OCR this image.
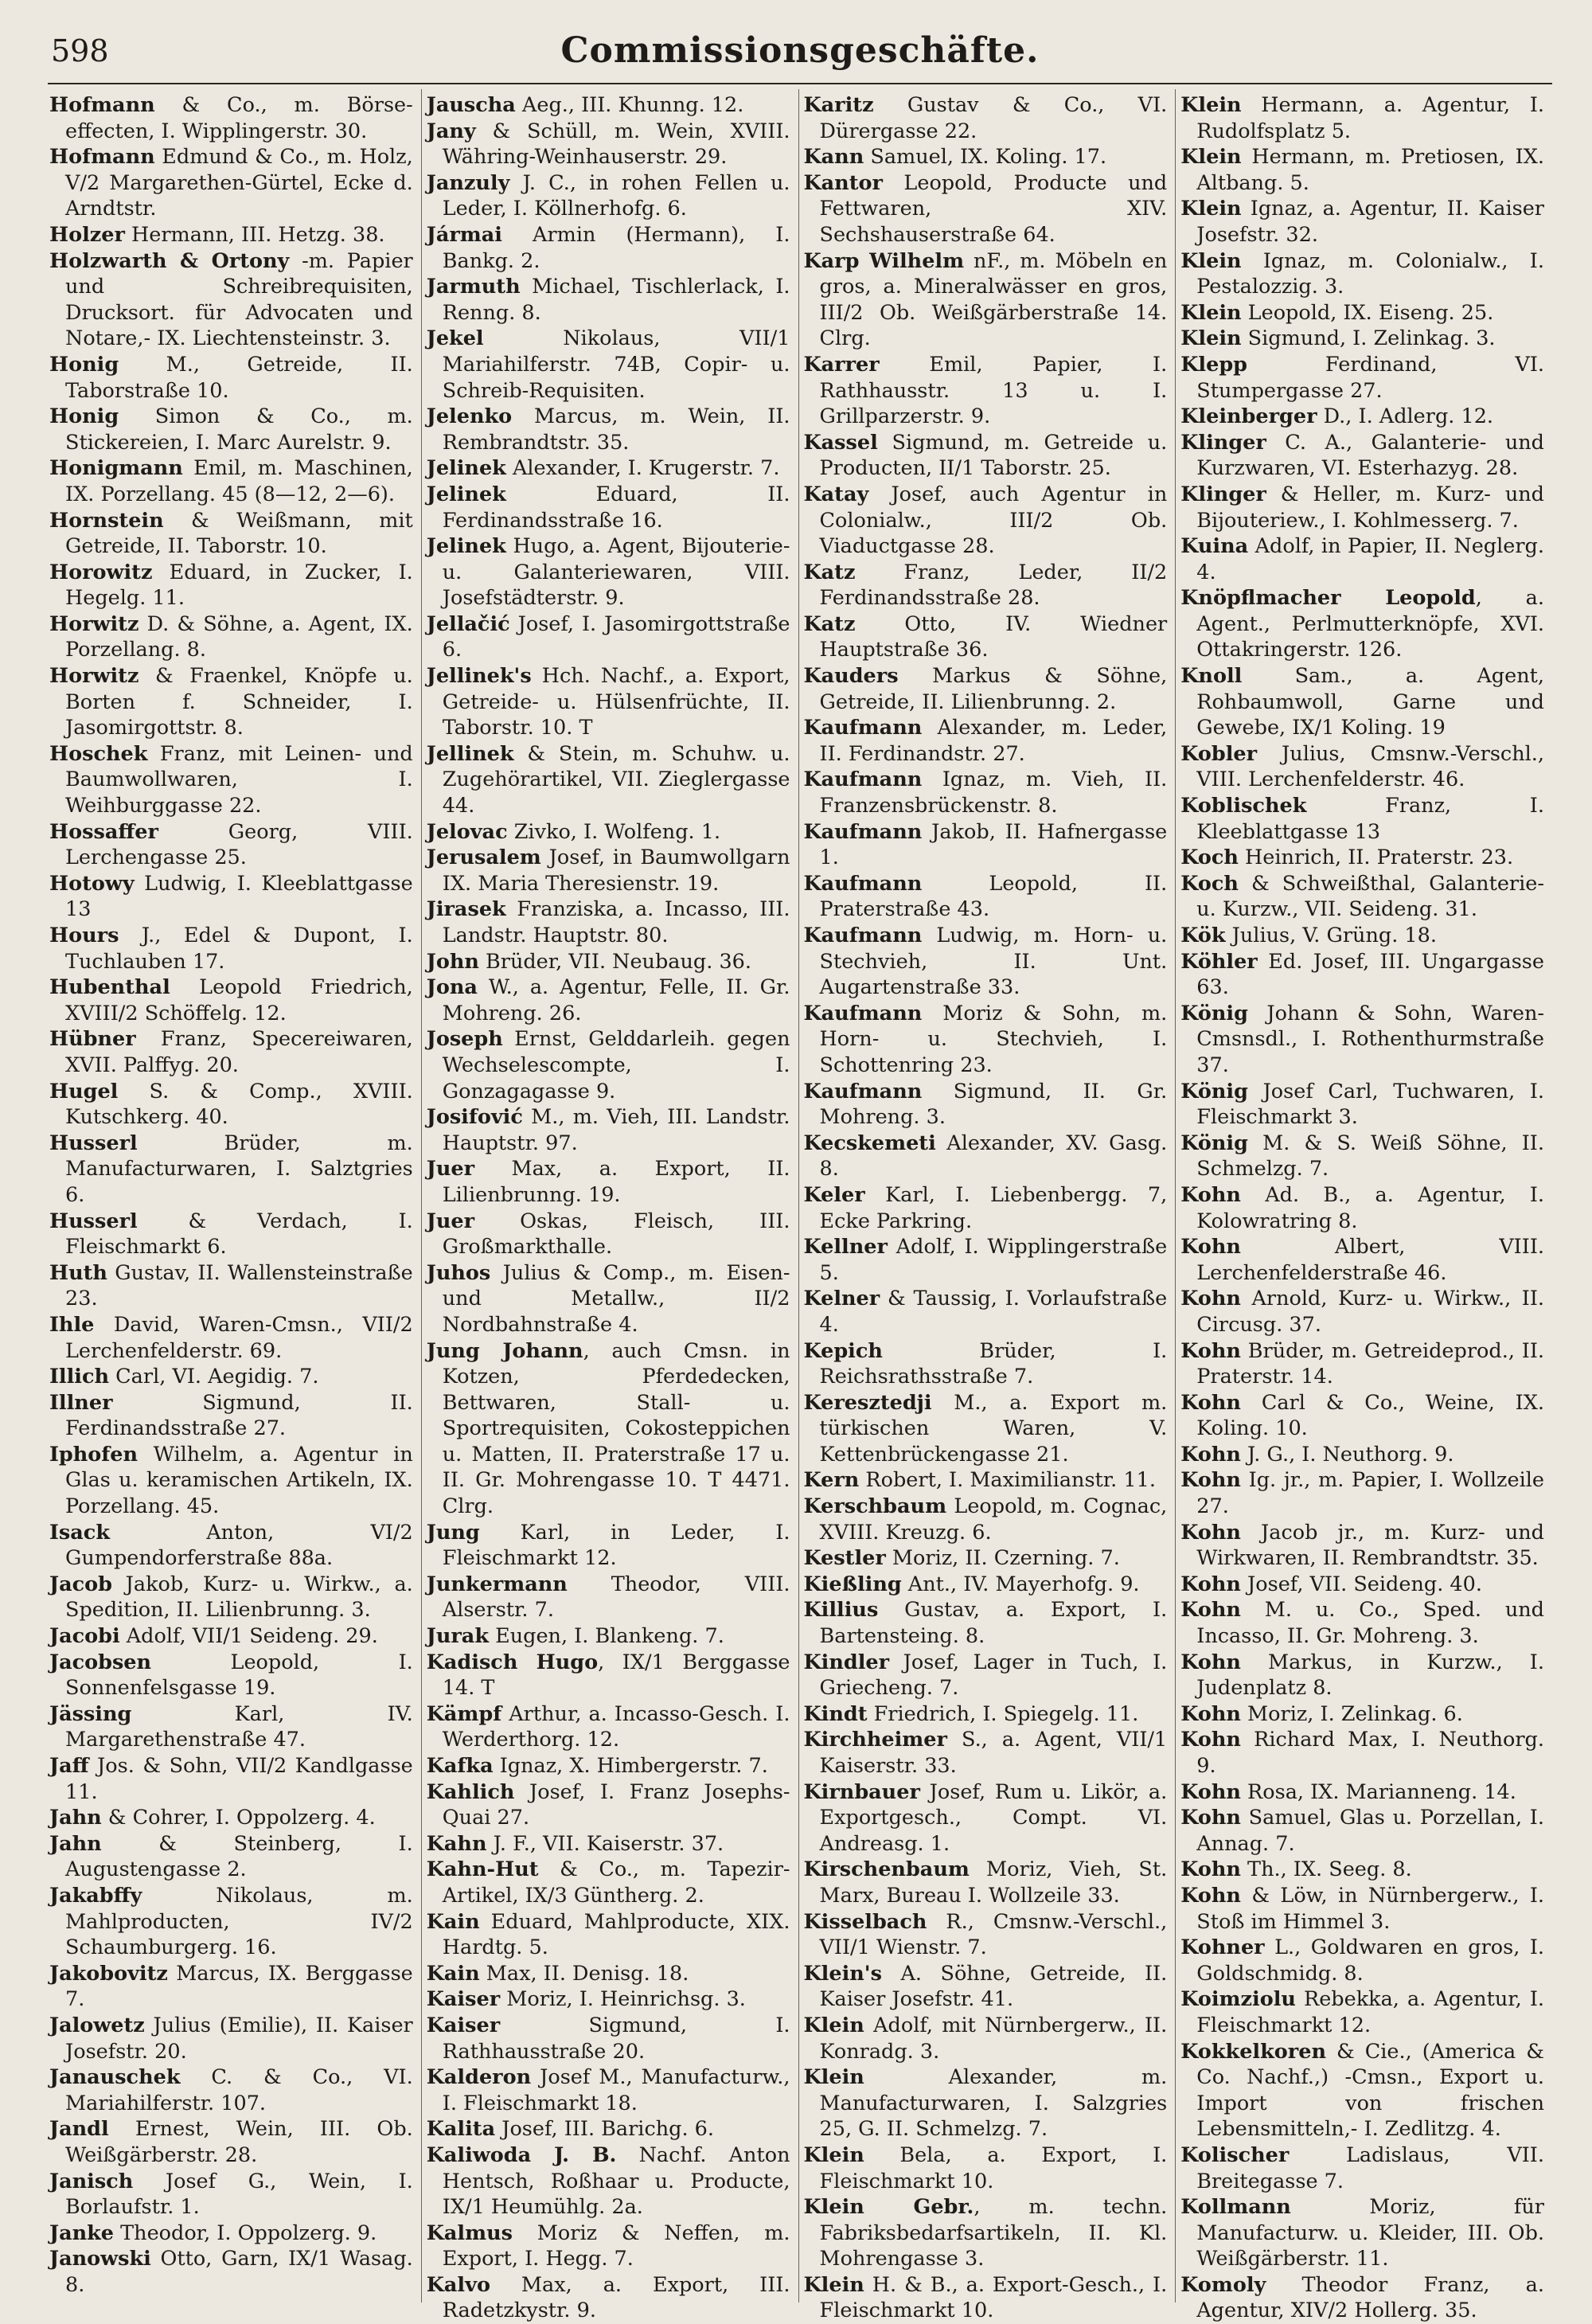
598	Commissionsgeschäfte.
Hofmann & Co., m. Börse-effecten, I. Wipplingerstr. 30.
Hofmann Edmund & Co., m. Holz, V/2 Margarethen-Gürtel, Ecke d. Arndtstr.
Holzer Hermann, III. Hetzg. 38.
Holzwarth & Ortony -m. Papier und Schreibrequisiten, Drucksort. für Advocaten und Notare,- IX. Liechtensteinstr. 3.
Honig M., Getreide, II. Taborstraße 10.
Honig Simon & Co., m. Stickereien, I. Marc Aurelstr. 9.
Honigmann Emil, m. Maschinen, IX. Porzellang. 45 (8—12, 2—6).
Hornstein & Weißmann, mit Getreide, II. Taborstr. 10.
Horowitz Eduard, in Zucker, I. Hegelg. 11.
Horwitz D. & Söhne, a. Agent, IX. Porzellang. 8.
Horwitz & Fraenkel, Knöpfe u. Borten f. Schneider, I. Jasomirgottstr. 8.
Hoschek Franz, mit Leinen- und Baumwollwaren, I. Weihburggasse 22.
Hossaffer Georg, VIII. Lerchengasse 25.
Hotowy Ludwig, I. Kleeblattgasse 13
Hours J., Edel & Dupont, I. Tuchlauben 17.
Hubenthal Leopold Friedrich, XVIII/2 Schöffelg. 12.
Hübner Franz, Specereiwaren, XVII. Palffyg. 20.
Hugel S. & Comp., XVIII. Kutschkerg. 40.
Husserl Brüder, m. Manufacturwaren, I. Salztgries 6.
Husserl & Verdach, I. Fleischmarkt 6.
Huth Gustav, II. Wallensteinstraße 23.
Ihle David, Waren-Cmsn., VII/2 Lerchenfelderstr. 69.
Illich Carl, VI. Aegidig. 7.
Illner Sigmund, II. Ferdinandsstraße 27.
Iphofen Wilhelm, a. Agentur in Glas u. keramischen Artikeln, IX. Porzellang. 45.
Isack Anton, VI/2 Gumpendorferstraße 88a.
Jacob Jakob, Kurz- u. Wirkw., a. Spedition, II. Lilienbrunng. 3.
Jacobi Adolf, VII/1 Seideng. 29.
Jacobsen Leopold, I. Sonnenfelsgasse 19.
Jässing Karl, IV. Margarethenstraße 47.
Jaff Jos. & Sohn, VII/2 Kandlgasse 11.
Jahn & Cohrer, I. Oppolzerg. 4.
Jahn & Steinberg, I. Augustengasse 2.
Jakabffy Nikolaus, m. Mahlproducten, IV/2 Schaumburgerg. 16.
Jakobovitz Marcus, IX. Berggasse 7.
Jalowetz Julius (Emilie), II. Kaiser Josefstr. 20.
Janauschek C. & Co., VI. Mariahilferstr. 107.
Jandl Ernest, Wein, III. Ob. Weißgärberstr. 28.
Janisch Josef G., Wein, I. Borlaufstr. 1.
Janke Theodor, I. Oppolzerg. 9.
Janowski Otto, Garn, IX/1 Wasag. 8.
Jauscha Aeg., III. Khunng. 12.
Jany & Schüll, m. Wein, XVIII. Währing-Weinhauserstr. 29.
Janzuly J. C., in rohen Fellen u. Leder, I. Köllnerhofg. 6.
Jármai Armin (Hermann), I. Bankg. 2.
Jarmuth Michael, Tischlerlack, I. Renng. 8.
Jekel Nikolaus, VII/1 Mariahilferstr. 74B, Copir- u. Schreib-Requisiten.
Jelenko Marcus, m. Wein, II. Rembrandtstr. 35.
Jelinek Alexander, I. Krugerstr. 7.
Jelinek Eduard, II. Ferdinandsstraße 16.
Jelinek Hugo, a. Agent, Bijouterie- u. Galanteriewaren, VIII. Josefstädterstr. 9.
Jellačić Josef, I. Jasomirgottstraße 6.
Jellinek's Hch. Nachf., a. Export, Getreide- u. Hülsenfrüchte, II. Taborstr. 10. T
Jellinek & Stein, m. Schuhw. u. Zugehörartikel, VII. Zieglergasse 44.
Jelovac Zivko, I. Wolfeng. 1.
Jerusalem Josef, in Baumwollgarn IX. Maria Theresienstr. 19.
Jirasek Franziska, a. Incasso, III. Landstr. Hauptstr. 80.
John Brüder, VII. Neubaug. 36.
Jona W., a. Agentur, Felle, II. Gr. Mohreng. 26.
Joseph Ernst, Gelddarleih. gegen Wechselescompte, I. Gonzagagasse 9.
Josifović M., m. Vieh, III. Landstr. Hauptstr. 97.
Juer Max, a. Export, II. Lilienbrunng. 19.
Juer Oskas, Fleisch, III. Großmarkthalle.
Juhos Julius & Comp., m. Eisen- und Metallw., II/2 Nordbahnstraße 4.
Jung Johann, auch Cmsn. in Kotzen, Pferdedecken, Bettwaren, Stall- u. Sportrequisiten, Cokosteppichen u. Matten, II. Praterstraße 17 u. II. Gr. Mohrengasse 10. T 4471. Clrg.
Jung Karl, in Leder, I. Fleischmarkt 12.
Junkermann Theodor, VIII. Alserstr. 7.
Jurak Eugen, I. Blankeng. 7.
Kadisch Hugo, IX/1 Berggasse 14. T
Kämpf Arthur, a. Incasso-Gesch. I. Werderthorg. 12.
Kafka Ignaz, X. Himbergerstr. 7.
Kahlich Josef, I. Franz Josephs-Quai 27.
Kahn J. F., VII. Kaiserstr. 37.
Kahn-Hut & Co., m. Tapezir-Artikel, IX/3 Güntherg. 2.
Kain Eduard, Mahlproducte, XIX. Hardtg. 5.
Kain Max, II. Denisg. 18.
Kaiser Moriz, I. Heinrichsg. 3.
Kaiser Sigmund, I. Rathhausstraße 20.
Kalderon Josef M., Manufacturw., I. Fleischmarkt 18.
Kalita Josef, III. Barichg. 6.
Kaliwoda J. B. Nachf. Anton Hentsch, Roßhaar u. Producte, IX/1 Heumühlg. 2a.
Kalmus Moriz & Neffen, m. Export, I. Hegg. 7.
Kalvo Max, a. Export, III. Radetzkystr. 9.
Karitz Gustav & Co., VI. Dürergasse 22.
Kann Samuel, IX. Koling. 17.
Kantor Leopold, Producte und Fettwaren, XIV. Sechshauserstraße 64.
Karp Wilhelm nF., m. Möbeln en gros, a. Mineralwässer en gros, III/2 Ob. Weißgärberstraße 14. Clrg.
Karrer Emil, Papier, I. Rathhausstr. 13 u. I. Grillparzerstr. 9.
Kassel Sigmund, m. Getreide u. Producten, II/1 Taborstr. 25.
Katay Josef, auch Agentur in Colonialw., III/2 Ob. Viaductgasse 28.
Katz Franz, Leder, II/2 Ferdinandsstraße 28.
Katz Otto, IV. Wiedner Hauptstraße 36.
Kauders Markus & Söhne, Getreide, II. Lilienbrunng. 2.
Kaufmann Alexander, m. Leder, II. Ferdinandstr. 27.
Kaufmann Ignaz, m. Vieh, II. Franzensbrückenstr. 8.
Kaufmann Jakob, II. Hafnergasse 1.
Kaufmann Leopold, II. Praterstraße 43.
Kaufmann Ludwig, m. Horn- u. Stechvieh, II. Unt. Augartenstraße 33.
Kaufmann Moriz & Sohn, m. Horn- u. Stechvieh, I. Schottenring 23.
Kaufmann Sigmund, II. Gr. Mohreng. 3.
Kecskemeti Alexander, XV. Gasg. 8.
Keler Karl, I. Liebenbergg. 7, Ecke Parkring.
Kellner Adolf, I. Wipplingerstraße 5.
Kelner & Taussig, I. Vorlaufstraße 4.
Kepich Brüder, I. Reichsrathsstraße 7.
Keresztedji M., a. Export m. türkischen Waren, V. Kettenbrückengasse 21.
Kern Robert, I. Maximilianstr. 11.
Kerschbaum Leopold, m. Cognac, XVIII. Kreuzg. 6.
Kestler Moriz, II. Czerning. 7.
Kießling Ant., IV. Mayerhofg. 9.
Killius Gustav, a. Export, I. Bartensteing. 8.
Kindler Josef, Lager in Tuch, I. Griecheng. 7.
Kindt Friedrich, I. Spiegelg. 11.
Kirchheimer S., a. Agent, VII/1 Kaiserstr. 33.
Kirnbauer Josef, Rum u. Likör, a. Exportgesch., Compt. VI. Andreasg. 1.
Kirschenbaum Moriz, Vieh, St. Marx, Bureau I. Wollzeile 33.
Kisselbach R., Cmsnw.-Verschl., VII/1 Wienstr. 7.
Klein's A. Söhne, Getreide, II. Kaiser Josefstr. 41.
Klein Adolf, mit Nürnbergerw., II. Konradg. 3.
Klein Alexander, m. Manufacturwaren, I. Salzgries 25, G. II. Schmelzg. 7.
Klein Bela, a. Export, I. Fleischmarkt 10.
Klein Gebr., m. techn. Fabriksbedarfsartikeln, II. Kl. Mohrengasse 3.
Klein H. & B., a. Export-Gesch., I. Fleischmarkt 10.
Klein Hermann, a. Agentur, I. Rudolfsplatz 5.
Klein Hermann, m. Pretiosen, IX. Altbang. 5.
Klein Ignaz, a. Agentur, II. Kaiser Josefstr. 32.
Klein Ignaz, m. Colonialw., I. Pestalozzig. 3.
Klein Leopold, IX. Eiseng. 25.
Klein Sigmund, I. Zelinkag. 3.
Klepp Ferdinand, VI. Stumpergasse 27.
Kleinberger D., I. Adlerg. 12.
Klinger C. A., Galanterie- und Kurzwaren, VI. Esterhazyg. 28.
Klinger & Heller, m. Kurz- und Bijouteriew., I. Kohlmesserg. 7.
Kuina Adolf, in Papier, II. Neglerg. 4.
Knöpflmacher Leopold, a. Agent., Perlmutterknöpfe, XVI. Ottakringerstr. 126.
Knoll Sam., a. Agent, Rohbaumwoll, Garne und Gewebe, IX/1 Koling. 19
Kobler Julius, Cmsnw.-Verschl., VIII. Lerchenfelderstr. 46.
Koblischek Franz, I. Kleeblattgasse 13
Koch Heinrich, II. Praterstr. 23.
Koch & Schweißthal, Galanterie- u. Kurzw., VII. Seideng. 31.
Kök Julius, V. Grüng. 18.
Köhler Ed. Josef, III. Ungargasse 63.
König Johann & Sohn, Waren-Cmsnsdl., I. Rothenthurmstraße 37.
König Josef Carl, Tuchwaren, I. Fleischmarkt 3.
König M. & S. Weiß Söhne, II. Schmelzg. 7.
Kohn Ad. B., a. Agentur, I. Kolowratring 8.
Kohn Albert, VIII. Lerchenfelderstraße 46.
Kohn Arnold, Kurz- u. Wirkw., II. Circusg. 37.
Kohn Brüder, m. Getreideprod., II. Praterstr. 14.
Kohn Carl & Co., Weine, IX. Koling. 10.
Kohn J. G., I. Neuthorg. 9.
Kohn Ig. jr., m. Papier, I. Wollzeile 27.
Kohn Jacob jr., m. Kurz- und Wirkwaren, II. Rembrandtstr. 35.
Kohn Josef, VII. Seideng. 40.
Kohn M. u. Co., Sped. und Incasso, II. Gr. Mohreng. 3.
Kohn Markus, in Kurzw., I. Judenplatz 8.
Kohn Moriz, I. Zelinkag. 6.
Kohn Richard Max, I. Neuthorg. 9.
Kohn Rosa, IX. Marianneng. 14.
Kohn Samuel, Glas u. Porzellan, I. Annag. 7.
Kohn Th., IX. Seeg. 8.
Kohn & Löw, in Nürnbergerw., I. Stoß im Himmel 3.
Kohner L., Goldwaren en gros, I. Goldschmidg. 8.
Koimziolu Rebekka, a. Agentur, I. Fleischmarkt 12.
Kokkelkoren & Cie., (America & Co. Nachf.,) -Cmsn., Export u. Import von frischen Lebensmitteln,- I. Zedlitzg. 4.
Kolischer Ladislaus, VII. Breitegasse 7.
Kollmann Moriz, für Manufacturw. u. Kleider, III. Ob. Weißgärberstr. 11.
Komoly Theodor Franz, a. Agentur, XIV/2 Hollerg. 35.
